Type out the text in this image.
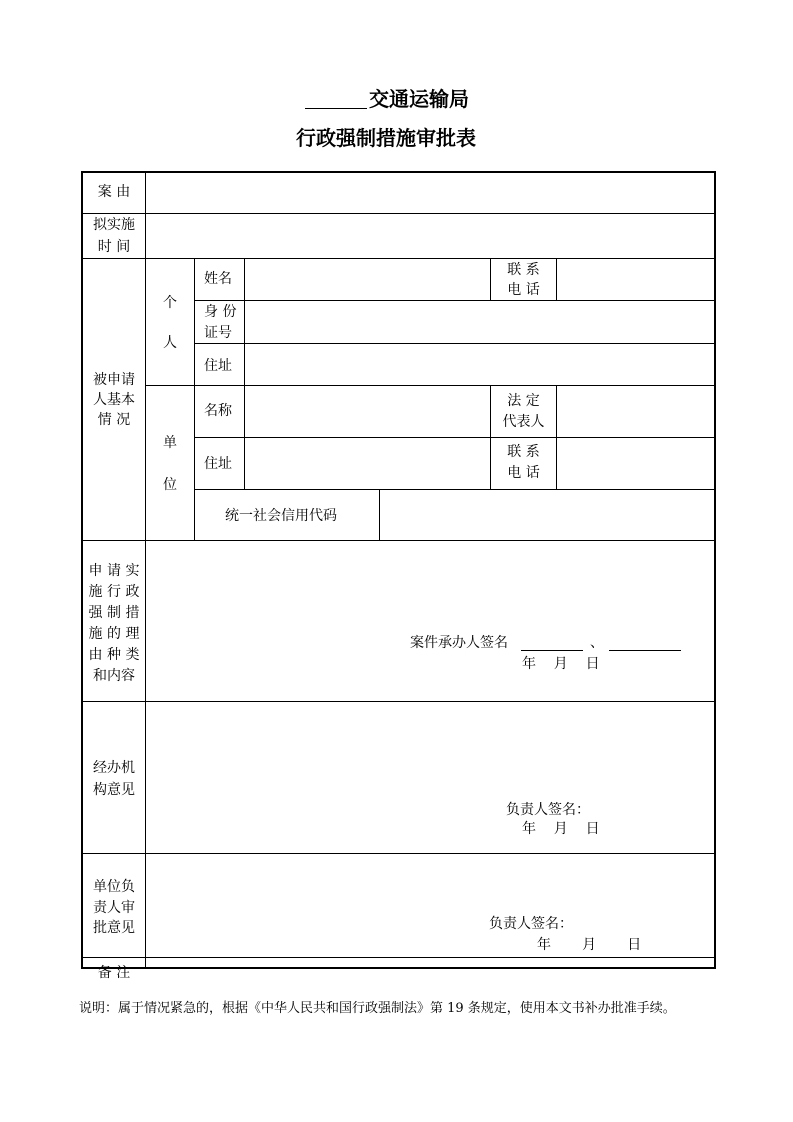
交通运输局
行政强制措施审批表
案 由
拟实施
时 间
被申请
人基本
情 况
个
人
姓名
联 系
电 话
身 份
证号
住址
单
位
名称
法 定
代表人
住址
联 系
电 话
统一社会信用代码
申 请 实
施 行 政
强 制 措
施 的 理
由 种 类
和内容
案件承办人签名	、
年    月    日
经办机
构意见
负责人签名：
年    月    日
单位负
责人审
批意见	负责人签名：
年       月       日
备 注
说明：属于情况紧急的，根据《中华人民共和国行政强制法》第 19 条规定，使用本文书补办批准手续。
